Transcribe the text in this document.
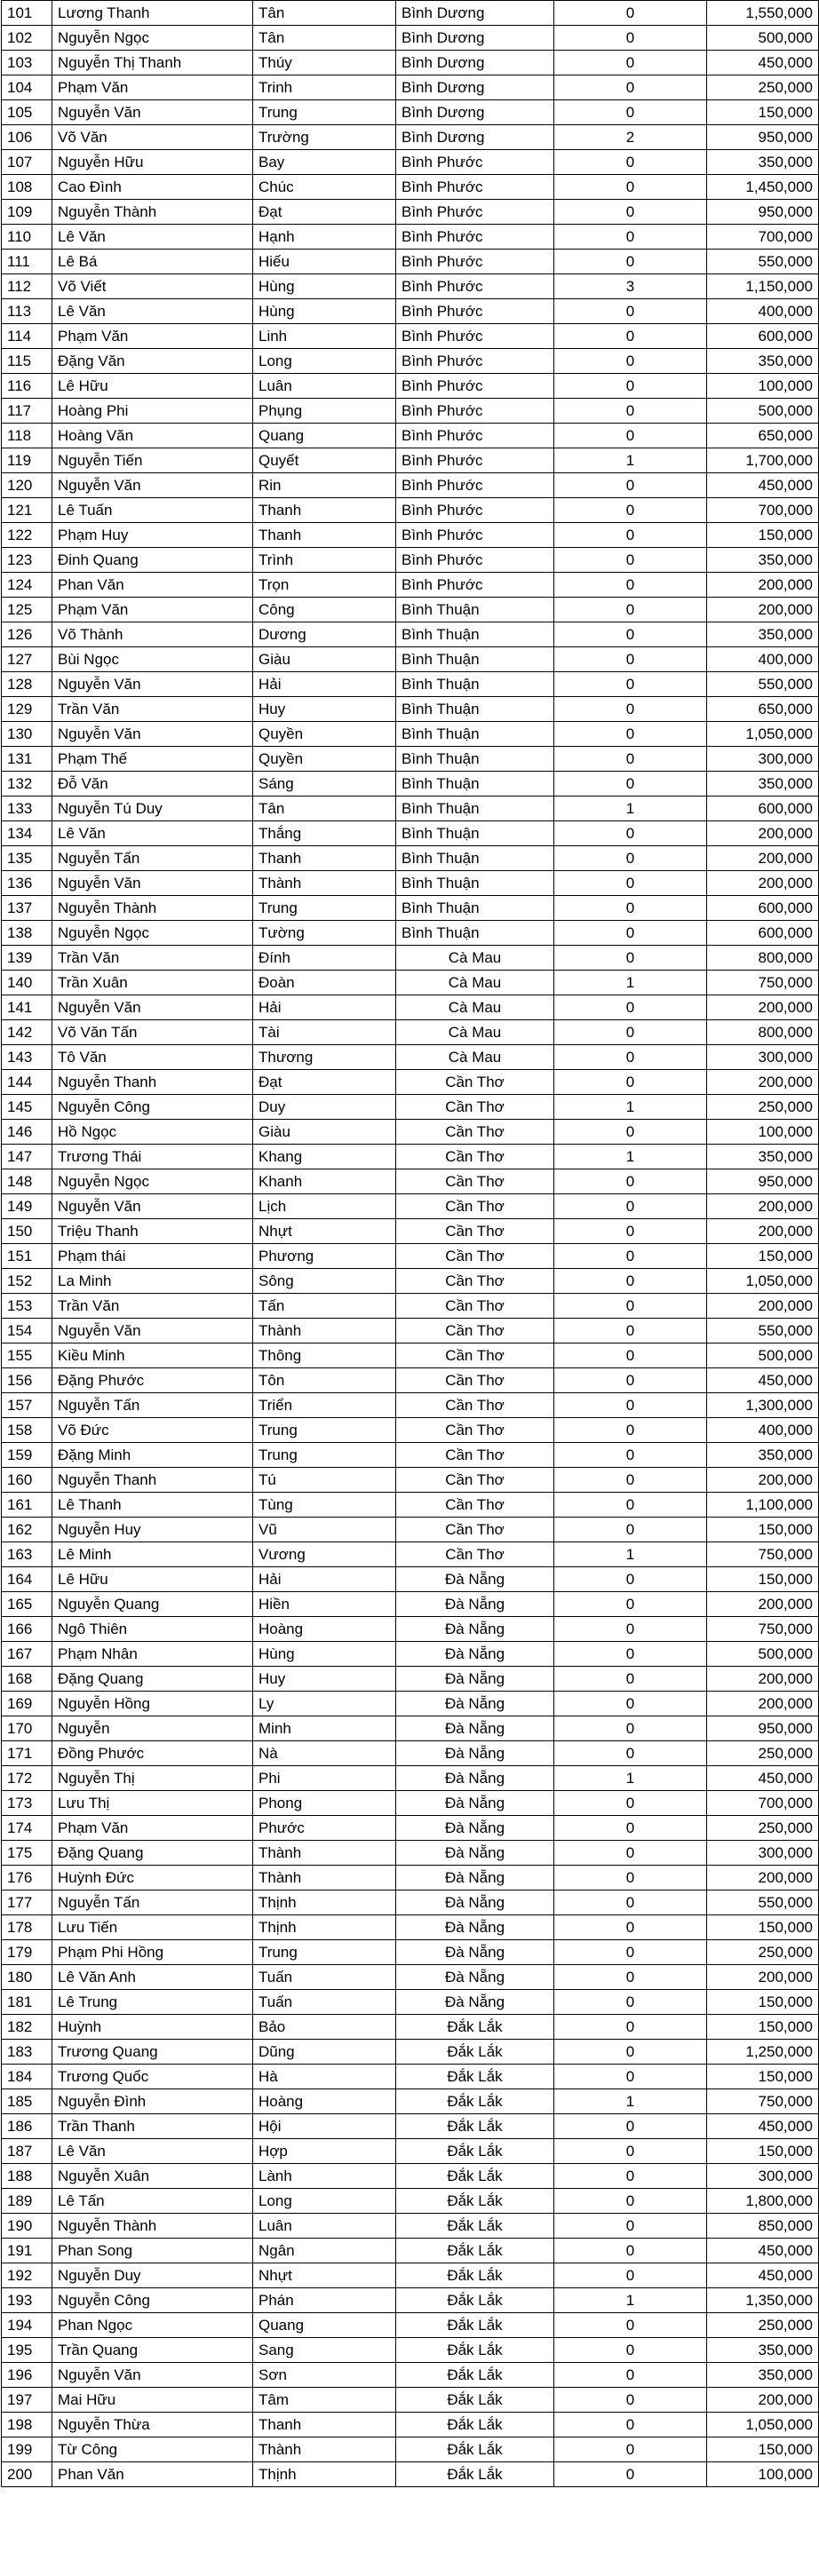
101	Lương Thanh	Tân	Bình Dương	0	1,550,000
102	Nguyễn Ngọc	Tân	Bình Dương	0	500,000
103	Nguyễn Thị Thanh	Thúy	Bình Dương	0	450,000
104	Phạm Văn	Trinh	Bình Dương	0	250,000
105	Nguyễn Văn	Trung	Bình Dương	0	150,000
106	Võ Văn	Trường	Bình Dương	2	950,000
107	Nguyễn Hữu	Bay	Bình Phước	0	350,000
108	Cao Đình	Chúc	Bình Phước	0	1,450,000
109	Nguyễn Thành	Đạt	Bình Phước	0	950,000
110	Lê Văn	Hạnh	Bình Phước	0	700,000
111	Lê Bá	Hiếu	Bình Phước	0	550,000
112	Võ Viết	Hùng	Bình Phước	3	1,150,000
113	Lê Văn	Hùng	Bình Phước	0	400,000
114	Phạm Văn	Linh	Bình Phước	0	600,000
115	Đặng Văn	Long	Bình Phước	0	350,000
116	Lê Hữu	Luân	Bình Phước	0	100,000
117	Hoàng Phi	Phụng	Bình Phước	0	500,000
118	Hoàng Văn	Quang	Bình Phước	0	650,000
119	Nguyễn Tiến	Quyết	Bình Phước	1	1,700,000
120	Nguyễn Văn	Rin	Bình Phước	0	450,000
121	Lê Tuấn	Thanh	Bình Phước	0	700,000
122	Phạm Huy	Thanh	Bình Phước	0	150,000
123	Đinh Quang	Trình	Bình Phước	0	350,000
124	Phan Văn	Trọn	Bình Phước	0	200,000
125	Phạm Văn	Công	Bình Thuận	0	200,000
126	Võ Thành	Dương	Bình Thuận	0	350,000
127	Bùi Ngọc	Giàu	Bình Thuận	0	400,000
128	Nguyễn Văn	Hải	Bình Thuận	0	550,000
129	Trần Văn	Huy	Bình Thuận	0	650,000
130	Nguyễn Văn	Quyền	Bình Thuận	0	1,050,000
131	Phạm Thế	Quyền	Bình Thuận	0	300,000
132	Đỗ Văn	Sáng	Bình Thuận	0	350,000
133	Nguyễn Tú Duy	Tân	Bình Thuận	1	600,000
134	Lê Văn	Thắng	Bình Thuận	0	200,000
135	Nguyễn Tấn	Thanh	Bình Thuận	0	200,000
136	Nguyễn Văn	Thành	Bình Thuận	0	200,000
137	Nguyễn Thành	Trung	Bình Thuận	0	600,000
138	Nguyễn Ngọc	Tường	Bình Thuận	0	600,000
139	Trần Văn	Đính	Cà Mau	0	800,000
140	Trần Xuân	Đoàn	Cà Mau	1	750,000
141	Nguyễn Văn	Hải	Cà Mau	0	200,000
142	Võ Văn Tấn	Tài	Cà Mau	0	800,000
143	Tô Văn	Thương	Cà Mau	0	300,000
144	Nguyễn Thanh	Đạt	Cần Thơ	0	200,000
145	Nguyễn Công	Duy	Cần Thơ	1	250,000
146	Hồ Ngọc	Giàu	Cần Thơ	0	100,000
147	Trương Thái	Khang	Cần Thơ	1	350,000
148	Nguyễn Ngọc	Khanh	Cần Thơ	0	950,000
149	Nguyễn Văn	Lịch	Cần Thơ	0	200,000
150	Triệu Thanh	Nhựt	Cần Thơ	0	200,000
151	Phạm thái	Phương	Cần Thơ	0	150,000
152	La Minh	Sông	Cần Thơ	0	1,050,000
153	Trần Văn	Tấn	Cần Thơ	0	200,000
154	Nguyễn Văn	Thành	Cần Thơ	0	550,000
155	Kiều Minh	Thông	Cần Thơ	0	500,000
156	Đặng Phước	Tôn	Cần Thơ	0	450,000
157	Nguyễn Tấn	Triển	Cần Thơ	0	1,300,000
158	Võ Đức	Trung	Cần Thơ	0	400,000
159	Đặng Minh	Trung	Cần Thơ	0	350,000
160	Nguyễn Thanh	Tú	Cần Thơ	0	200,000
161	Lê Thanh	Tùng	Cần Thơ	0	1,100,000
162	Nguyễn Huy	Vũ	Cần Thơ	0	150,000
163	Lê Minh	Vương	Cần Thơ	1	750,000
164	Lê Hữu	Hải	Đà Nẵng	0	150,000
165	Nguyễn Quang	Hiền	Đà Nẵng	0	200,000
166	Ngô Thiên	Hoàng	Đà Nẵng	0	750,000
167	Phạm Nhân	Hùng	Đà Nẵng	0	500,000
168	Đặng Quang	Huy	Đà Nẵng	0	200,000
169	Nguyễn Hồng	Ly	Đà Nẵng	0	200,000
170	Nguyễn	Minh	Đà Nẵng	0	950,000
171	Đồng Phước	Nà	Đà Nẵng	0	250,000
172	Nguyễn Thị	Phi	Đà Nẵng	1	450,000
173	Lưu Thị	Phong	Đà Nẵng	0	700,000
174	Phạm Văn	Phước	Đà Nẵng	0	250,000
175	Đặng Quang	Thành	Đà Nẵng	0	300,000
176	Huỳnh Đức	Thành	Đà Nẵng	0	200,000
177	Nguyễn Tấn	Thịnh	Đà Nẵng	0	550,000
178	Lưu Tiến	Thịnh	Đà Nẵng	0	150,000
179	Phạm Phi Hồng	Trung	Đà Nẵng	0	250,000
180	Lê Văn Anh	Tuấn	Đà Nẵng	0	200,000
181	Lê Trung	Tuấn	Đà Nẵng	0	150,000
182	Huỳnh	Bảo	Đắk Lắk	0	150,000
183	Trương Quang	Dũng	Đắk Lắk	0	1,250,000
184	Trương Quốc	Hà	Đắk Lắk	0	150,000
185	Nguyễn Đình	Hoàng	Đắk Lắk	1	750,000
186	Trần Thanh	Hội	Đắk Lắk	0	450,000
187	Lê Văn	Hợp	Đắk Lắk	0	150,000
188	Nguyễn Xuân	Lành	Đắk Lắk	0	300,000
189	Lê Tấn	Long	Đắk Lắk	0	1,800,000
190	Nguyễn Thành	Luân	Đắk Lắk	0	850,000
191	Phan Song	Ngân	Đắk Lắk	0	450,000
192	Nguyễn Duy	Nhựt	Đắk Lắk	0	450,000
193	Nguyễn Công	Phán	Đắk Lắk	1	1,350,000
194	Phan Ngọc	Quang	Đắk Lắk	0	250,000
195	Trần Quang	Sang	Đắk Lắk	0	350,000
196	Nguyễn Văn	Sơn	Đắk Lắk	0	350,000
197	Mai Hữu	Tâm	Đắk Lắk	0	200,000
198	Nguyễn Thừa	Thanh	Đắk Lắk	0	1,050,000
199	Từ Công	Thành	Đắk Lắk	0	150,000
200	Phan Văn	Thịnh	Đắk Lắk	0	100,000
